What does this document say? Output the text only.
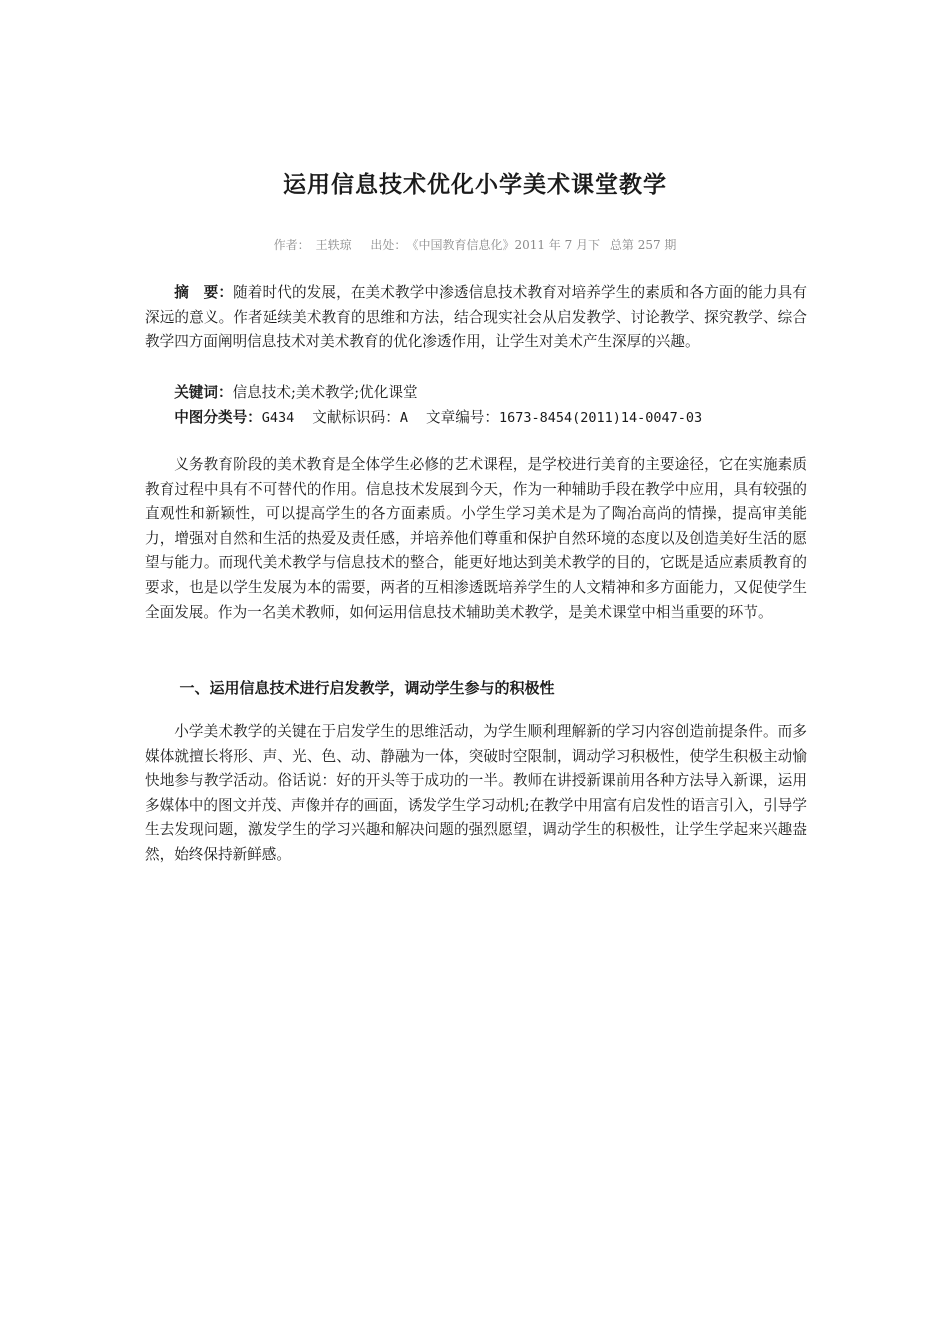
运用信息技术优化小学美术课堂教学
作者： 王轶琼 出处： 《中国教育信息化》2011 年 7 月下 总第 257 期

摘　要：随着时代的发展，在美术教学中渗透信息技术教育对培养学生的素质和各方面的能力具有深远的意义。作者延续美术教育的思维和方法，结合现实社会从启发教学、讨论教学、探究教学、综合教学四方面阐明信息技术对美术教育的优化渗透作用，让学生对美术产生深厚的兴趣。

关键词：信息技术;美术教学;优化课堂
中图分类号：G434 文献标识码：A 文章编号：1673-8454(2011)14-0047-03

义务教育阶段的美术教育是全体学生必修的艺术课程，是学校进行美育的主要途径，它在实施素质教育过程中具有不可替代的作用。信息技术发展到今天，作为一种辅助手段在教学中应用，具有较强的直观性和新颖性，可以提高学生的各方面素质。小学生学习美术是为了陶冶高尚的情操，提高审美能力，增强对自然和生活的热爱及责任感，并培养他们尊重和保护自然环境的态度以及创造美好生活的愿望与能力。而现代美术教学与信息技术的整合，能更好地达到美术教学的目的，它既是适应素质教育的要求，也是以学生发展为本的需要，两者的互相渗透既培养学生的人文精神和多方面能力，又促使学生全面发展。作为一名美术教师，如何运用信息技术辅助美术教学，是美术课堂中相当重要的环节。

一、运用信息技术进行启发教学，调动学生参与的积极性

小学美术教学的关键在于启发学生的思维活动，为学生顺利理解新的学习内容创造前提条件。而多媒体就擅长将形、声、光、色、动、静融为一体，突破时空限制，调动学习积极性，使学生积极主动愉快地参与教学活动。俗话说：好的开头等于成功的一半。教师在讲授新课前用各种方法导入新课，运用多媒体中的图文并茂、声像并存的画面，诱发学生学习动机;在教学中用富有启发性的语言引入，引导学生去发现问题，激发学生的学习兴趣和解决问题的强烈愿望，调动学生的积极性，让学生学起来兴趣盎然，始终保持新鲜感。
